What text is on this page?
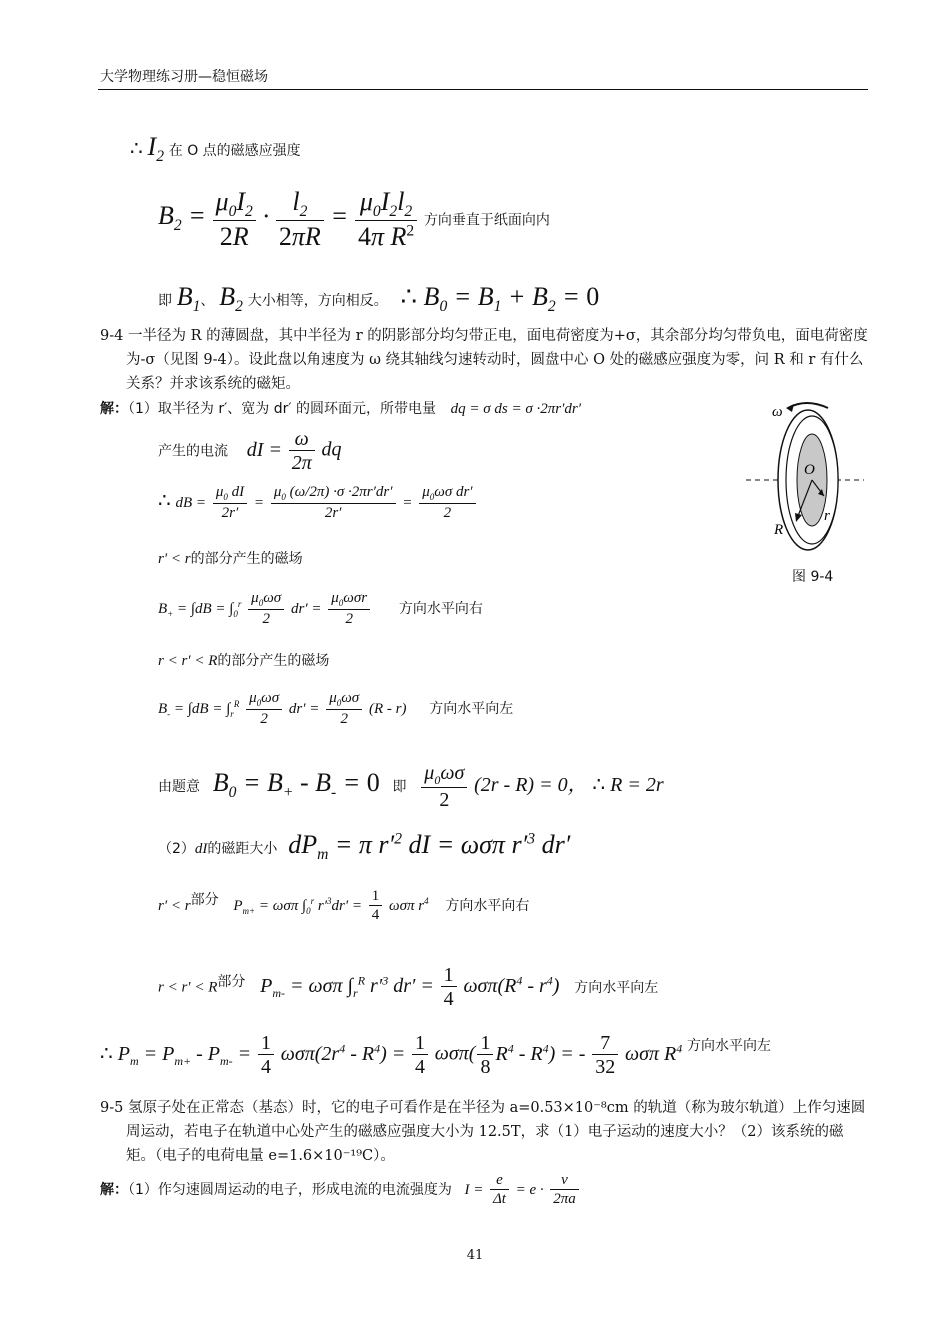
大学物理练习册—稳恒磁场
∴ $I_2$ 在 O 点的磁感应强度
$B_2 = \frac{\mu_0I_2}{2R} \cdot \frac{l_2}{2\pi R} = \frac{\mu_0I_2l_2}{4\pi R^2}$ 方向垂直于纸面向内
即 $B_1$、 $B_2$ 大小相等，方向相反。 ∴ $B_0 = B_1 + B_2 = 0$
9-4 一半径为 R 的薄圆盘，其中半径为 r 的阴影部分均匀带正电，面电荷密度为+σ，其余部分均匀带负电，面电荷密度为-σ（见图 9-4）。设此盘以角速度为 ω 绕其轴线匀速转动时，圆盘中心 O 处的磁感应强度为零，问 R 和 r 有什么关系？并求该系统的磁矩。
解：（1）取半径为 r′、宽为 dr′ 的圆环面元，所带电量 dq = σ ds = σ ·2πr′dr′
产生的电流 dI = $\frac{\omega}{2\pi}$ dq
∴ dB = $\frac{\mu_0 dI}{2r'} = \frac{\mu_0 (\omega/2\pi) \cdot\sigma \cdot 2\pi r'dr'}{2r'} = \frac{\mu_0\omega\sigma dr'}{2}$
r′ < r的部分产生的磁场
$B_+ = \int dB = \int_0^r \frac{\mu_0\omega\sigma}{2} dr' = \frac{\mu_0\omega\sigma r}{2}$ 方向水平向右
r < r′ < R的部分产生的磁场
$B_- = \int dB = \int_r^R \frac{\mu_0\omega\sigma}{2} dr' = \frac{\mu_0\omega\sigma}{2} (R - r)$ 方向水平向左
由题意 $B_0 = B_+ - B_- = 0$ 即 $\frac{\mu_0\omega\sigma}{2} (2r - R) = 0$， ∴ R = 2r
（2）dI的磁距大小 $dP_m = \pi$ $r'^2$ dI = ωσπ $r'^3$ dr′
r′ < r部分 $P_{m+} = \omega\sigma\pi$ $\int_0^r$ $r'^3dr' = \frac{1}{4}$ ωσπ $r^4$ 方向水平向右
r < r′ < R部分 $P_{m-} = \omega\sigma\pi$ $\int_r^R$ $r'^3$ $dr' = \frac{1}{4} \omega\sigma\pi(R^4 - r^4)$ 方向水平向左
∴ $P_m = P_{m+} - P_{m-} = \frac{1}{4} \omega\sigma\pi(2r^4 - R^4) = \frac{1}{4} \omega\sigma\pi( \frac{1}{8} R^4 - R^4)$ = - $\frac{7}{32}$ ωσπ $R^4$ 方向水平向左
9-5 氢原子处在正常态（基态）时，它的电子可看作是在半径为 a=0.53×10⁻⁸cm 的轨道（称为玻尔轨道）上作匀速圆周运动，若电子在轨道中心处产生的磁感应强度大小为 12.5T，求（1）电子运动的速度大小？（2）该系统的磁矩。（电子的电荷电量 e=1.6×10⁻¹⁹C）。
解：（1）作匀速圆周运动的电子，形成电流的电流强度为 $I = \frac{e}{\Delta t} = e \cdot \frac{v}{2\pi a}$
ω
O
r
R
图 9-4
41
